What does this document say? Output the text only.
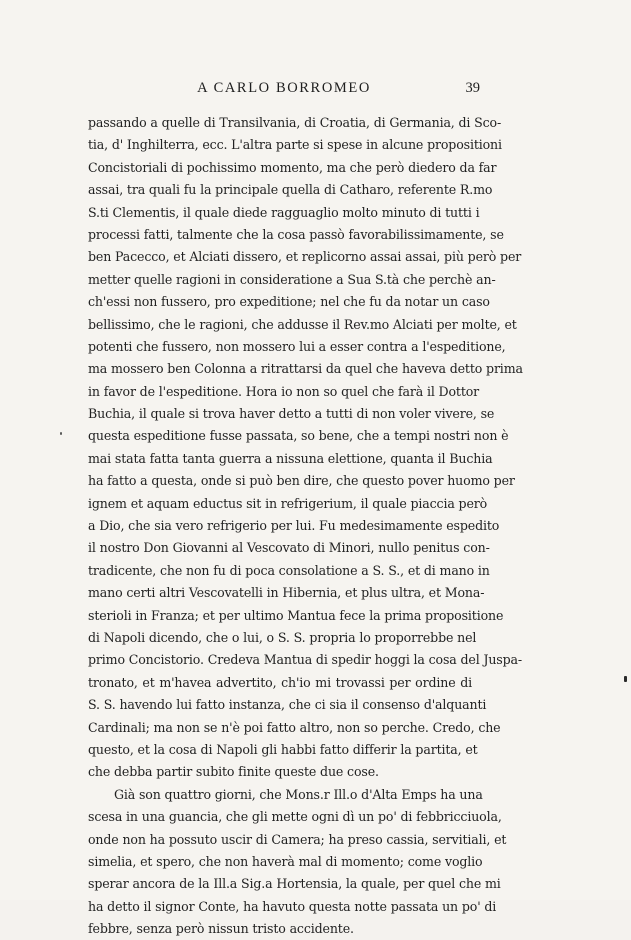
A CARLO BORROMEO	39
passando a quelle di Transilvania, di Croatia, di Germania, di Sco-
tia, d' Inghilterra, ecc. L'altra parte si spese in alcune propositioni
Concistoriali di pochissimo momento, ma che però diedero da far
assai, tra quali fu la principale quella di Catharo, referente R.mo
S.ti Clementis, il quale diede ragguaglio molto minuto di tutti i
processi fatti, talmente che la cosa passò favorabilissimamente, se
ben Pacecco, et Alciati dissero, et replicorno assai assai, più però per
metter quelle ragioni in consideratione a Sua S.tà che perchè an-
ch'essi non fussero, pro expeditione; nel che fu da notar un caso
bellissimo, che le ragioni, che addusse il Rev.mo Alciati per molte, et
potenti che fussero, non mossero lui a esser contra a l'espeditione,
ma mossero ben Colonna a ritrattarsi da quel che haveva detto prima
in favor de l'espeditione. Hora io non so quel che farà il Dottor
Buchia, il quale si trova haver detto a tutti di non voler vivere, se
questa espeditione fusse passata, so bene, che a tempi nostri non è
mai stata fatta tanta guerra a nissuna elettione, quanta il Buchia
ha fatto a questa, onde si può ben dire, che questo pover huomo per
ignem et aquam eductus sit in refrigerium, il quale piaccia però
a Dio, che sia vero refrigerio per lui. Fu medesimamente espedito
il nostro Don Giovanni al Vescovato di Minori, nullo penitus con-
tradicente, che non fu di poca consolatione a S. S., et di mano in
mano certi altri Vescovatelli in Hibernia, et plus ultra, et Mona-
sterioli in Franza; et per ultimo Mantua fece la prima propositione
di Napoli dicendo, che o lui, o S. S. propria lo proporrebbe nel
primo Concistorio. Credeva Mantua di spedir hoggi la cosa del Juspa-
tronato, et m'havea advertito, ch'io mi trovassi per ordine di
S. S. havendo lui fatto instanza, che ci sia il consenso d'alquanti
Cardinali; ma non se n'è poi fatto altro, non so perche. Credo, che
questo, et la cosa di Napoli gli habbi fatto differir la partita, et
che debba partir subito finite queste due cose.
Già son quattro giorni, che Mons.r Ill.o d'Alta Emps ha una
scesa in una guancia, che gli mette ogni dì un po' di febbricciuola,
onde non ha possuto uscir di Camera; ha preso cassia, servitiali, et
simelia, et spero, che non haverà mal di momento; come voglio
sperar ancora de la Ill.a Sig.a Hortensia, la quale, per quel che mi
ha detto il signor Conte, ha havuto questa notte passata un po' di
febbre, senza però nissun tristo accidente.
